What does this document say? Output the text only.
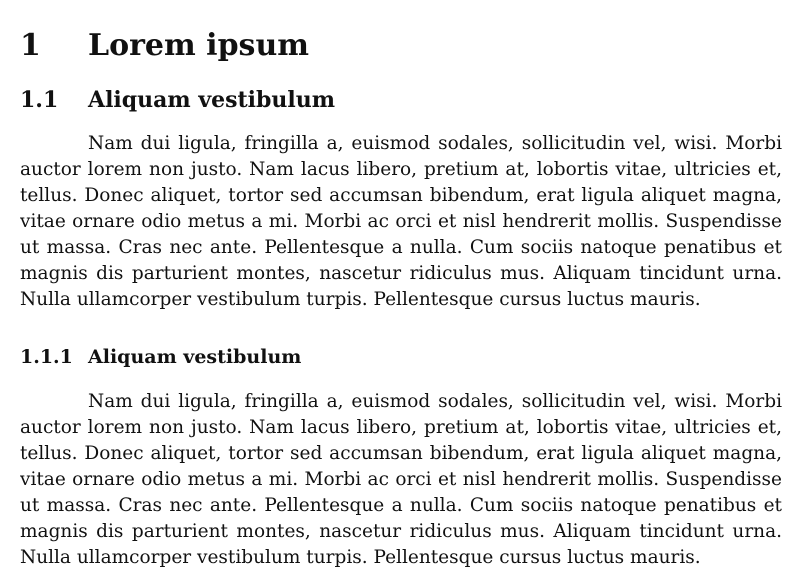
1	Lorem ipsum
1.1	Aliquam vestibulum
Nam dui ligula, fringilla a, euismod sodales, sollicitudin vel, wisi. Morbi
auctor lorem non justo. Nam lacus libero, pretium at, lobortis vitae, ultricies et,
tellus. Donec aliquet, tortor sed accumsan bibendum, erat ligula aliquet magna,
vitae ornare odio metus a mi. Morbi ac orci et nisl hendrerit mollis. Suspendisse
ut massa. Cras nec ante. Pellentesque a nulla. Cum sociis natoque penatibus et
magnis dis parturient montes, nascetur ridiculus mus. Aliquam tincidunt urna.
Nulla ullamcorper vestibulum turpis. Pellentesque cursus luctus mauris.
1.1.1 Aliquam vestibulum
Nam dui ligula, fringilla a, euismod sodales, sollicitudin vel, wisi. Morbi
auctor lorem non justo. Nam lacus libero, pretium at, lobortis vitae, ultricies et,
tellus. Donec aliquet, tortor sed accumsan bibendum, erat ligula aliquet magna,
vitae ornare odio metus a mi. Morbi ac orci et nisl hendrerit mollis. Suspendisse
ut massa. Cras nec ante. Pellentesque a nulla. Cum sociis natoque penatibus et
magnis dis parturient montes, nascetur ridiculus mus. Aliquam tincidunt urna.
Nulla ullamcorper vestibulum turpis. Pellentesque cursus luctus mauris.
